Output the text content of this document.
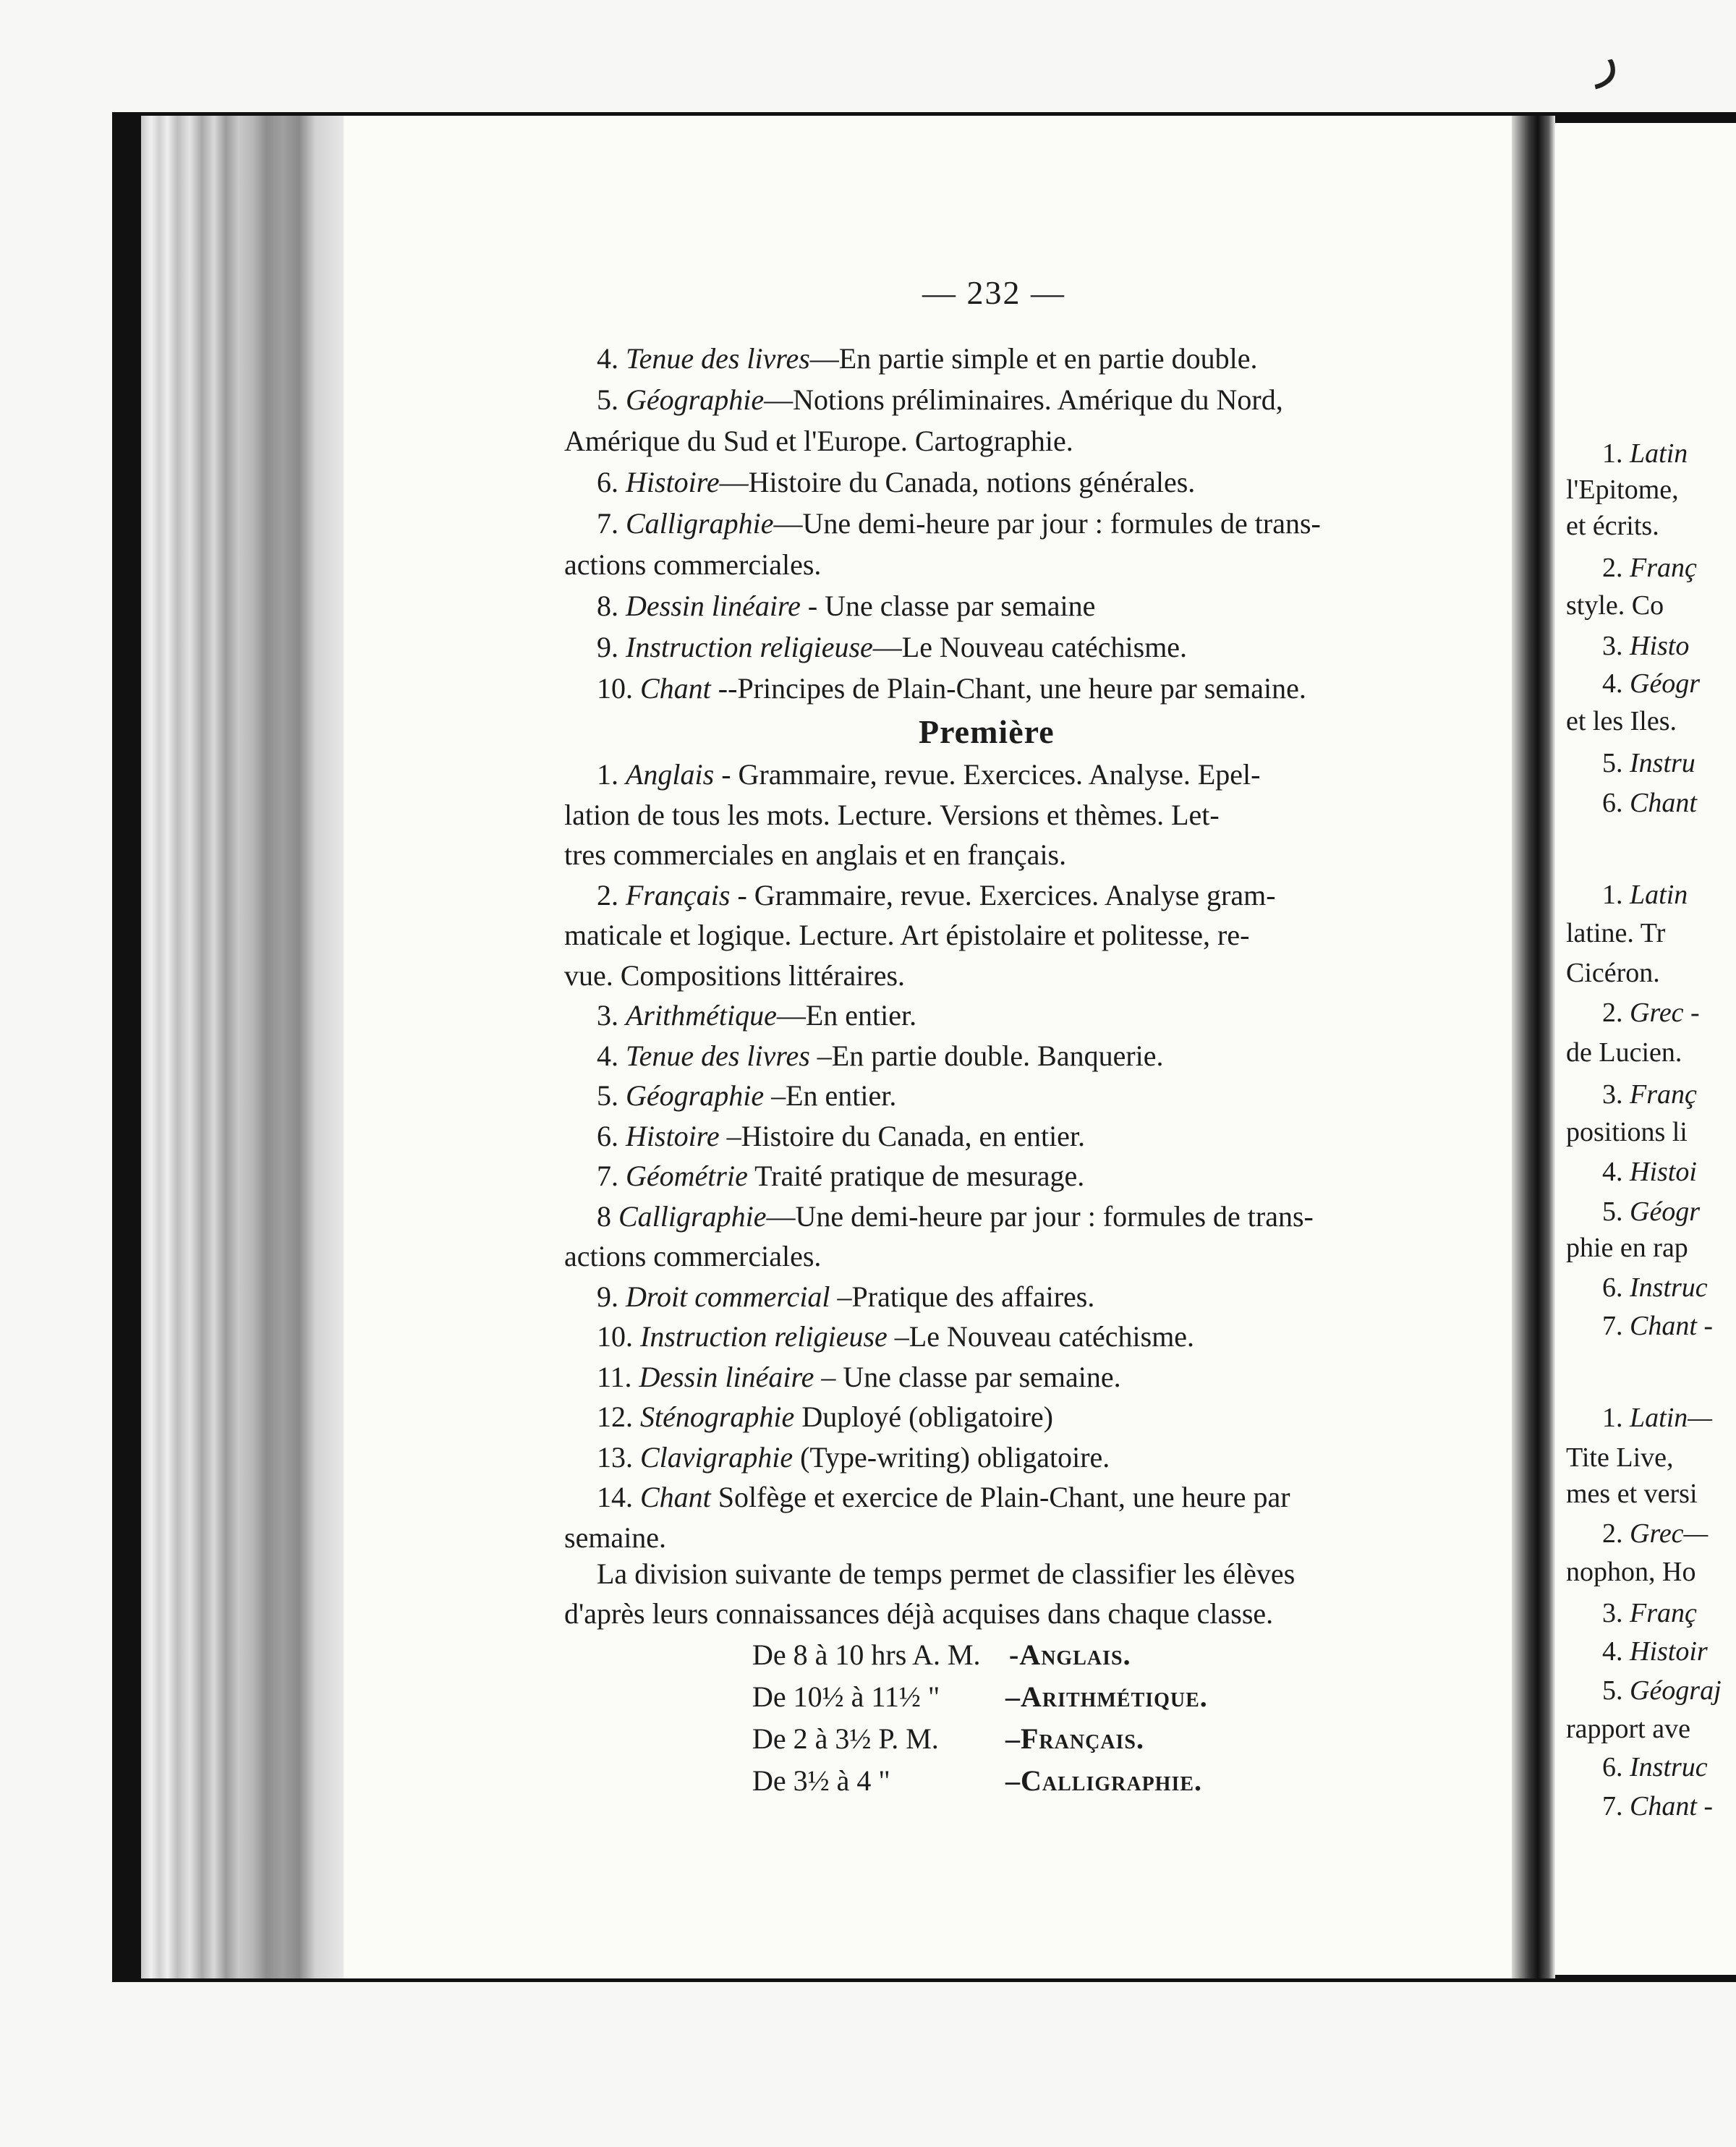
ر
— 232 —
4. Tenue des livres—En partie simple et en partie double.
5. Géographie—Notions préliminaires. Amérique du Nord,
Amérique du Sud et l'Europe. Cartographie.
6. Histoire—Histoire du Canada, notions générales.
7. Calligraphie—Une demi-heure par jour : formules de trans-
actions commerciales.
8. Dessin linéaire - Une classe par semaine
9. Instruction religieuse—Le Nouveau catéchisme.
10. Chant --Principes de Plain-Chant, une heure par semaine.
Première
1. Anglais - Grammaire, revue. Exercices. Analyse. Epel-
lation de tous les mots. Lecture. Versions et thèmes. Let-
tres commerciales en anglais et en français.
2. Français - Grammaire, revue. Exercices. Analyse gram-
maticale et logique. Lecture. Art épistolaire et politesse, re-
vue. Compositions littéraires.
3. Arithmétique—En entier.
4. Tenue des livres –En partie double. Banquerie.
5. Géographie –En entier.
6. Histoire –Histoire du Canada, en entier.
7. Géométrie Traité pratique de mesurage.
8 Calligraphie—Une demi-heure par jour : formules de trans-
actions commerciales.
9. Droit commercial –Pratique des affaires.
10. Instruction religieuse –Le Nouveau catéchisme.
11. Dessin linéaire – Une classe par semaine.
12. Sténographie Duployé (obligatoire)
13. Clavigraphie (Type-writing) obligatoire.
14. Chant Solfège et exercice de Plain-Chant, une heure par
semaine.
La division suivante de temps permet de classifier les élèves
d'après leurs connaissances déjà acquises dans chaque classe.
De 8 à 10 hrs A. M. -Anglais.
De 10½ à 11½ " –Arithmétique.
De 2 à 3½ P. M. –Français.
De 3½ à 4 "	–Calligraphie.
1. Latin
l'Epitome,
et écrits.
2. Franç
style. Co
3. Histo
4. Géogr
et les Iles.
5. Instru
6. Chant
1. Latin
latine. Tr
Cicéron.
2. Grec -
de Lucien.
3. Franç
positions li
4. Histoi
5. Géogr
phie en rap
6. Instruc
7. Chant -
1. Latin—
Tite Live,
mes et versi
2. Grec—
nophon, Ho
3. Franç
4. Histoir
5. Géograj
rapport ave
6. Instruc
7. Chant -
